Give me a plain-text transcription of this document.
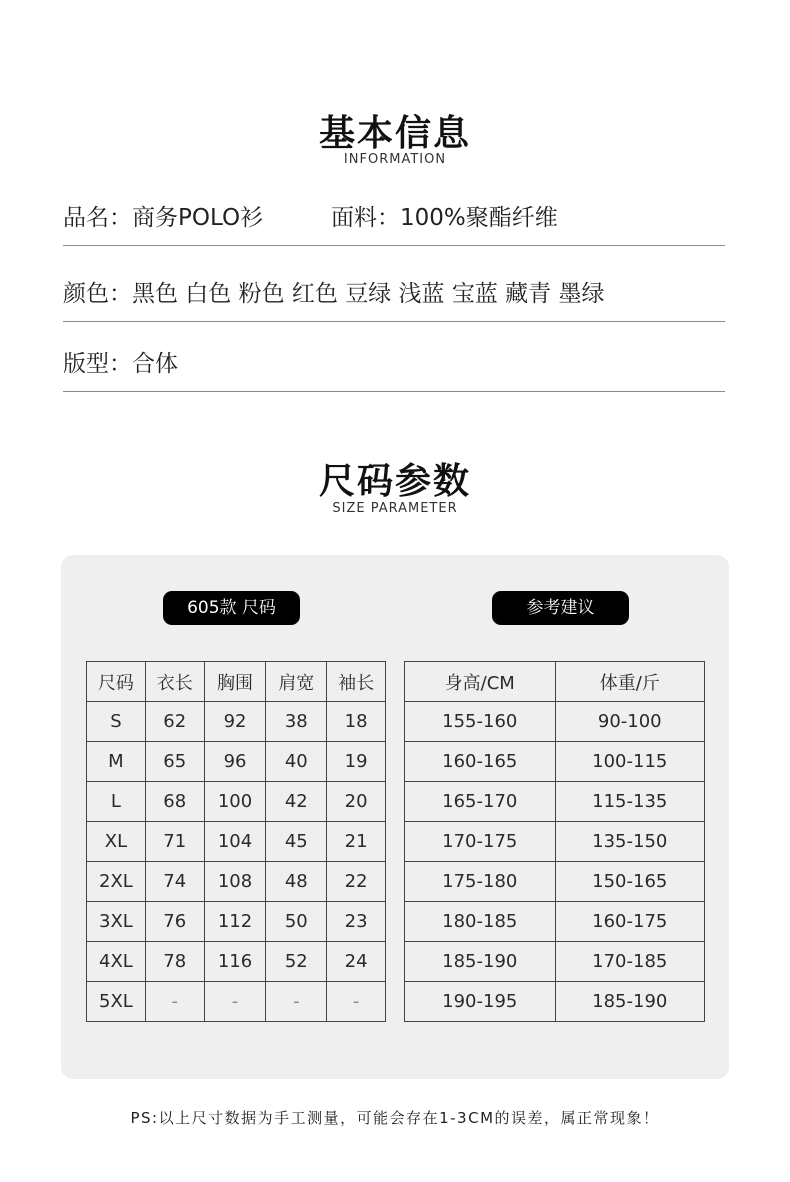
基本信息
INFORMATION
品名：商务POLO衫	面料：100%聚酯纤维
颜色：黑色 白色 粉色 红色 豆绿 浅蓝 宝蓝 藏青 墨绿
版型：合体
尺码参数
SIZE PARAMETER
605款 尺码	参考建议
尺码	衣长	胸围	肩宽	袖长
S	62	92	38	18
M	65	96	40	19
L	68	100	42	20
XL	71	104	45	21
2XL	74	108	48	22
3XL	76	112	50	23
4XL	78	116	52	24
5XL	-	-	-	-
身高/CM	体重/斤
155-160	90-100
160-165	100-115
165-170	115-135
170-175	135-150
175-180	150-165
180-185	160-175
185-190	170-185
190-195	185-190
PS:以上尺寸数据为手工测量，可能会存在1-3CM的误差，属正常现象！
